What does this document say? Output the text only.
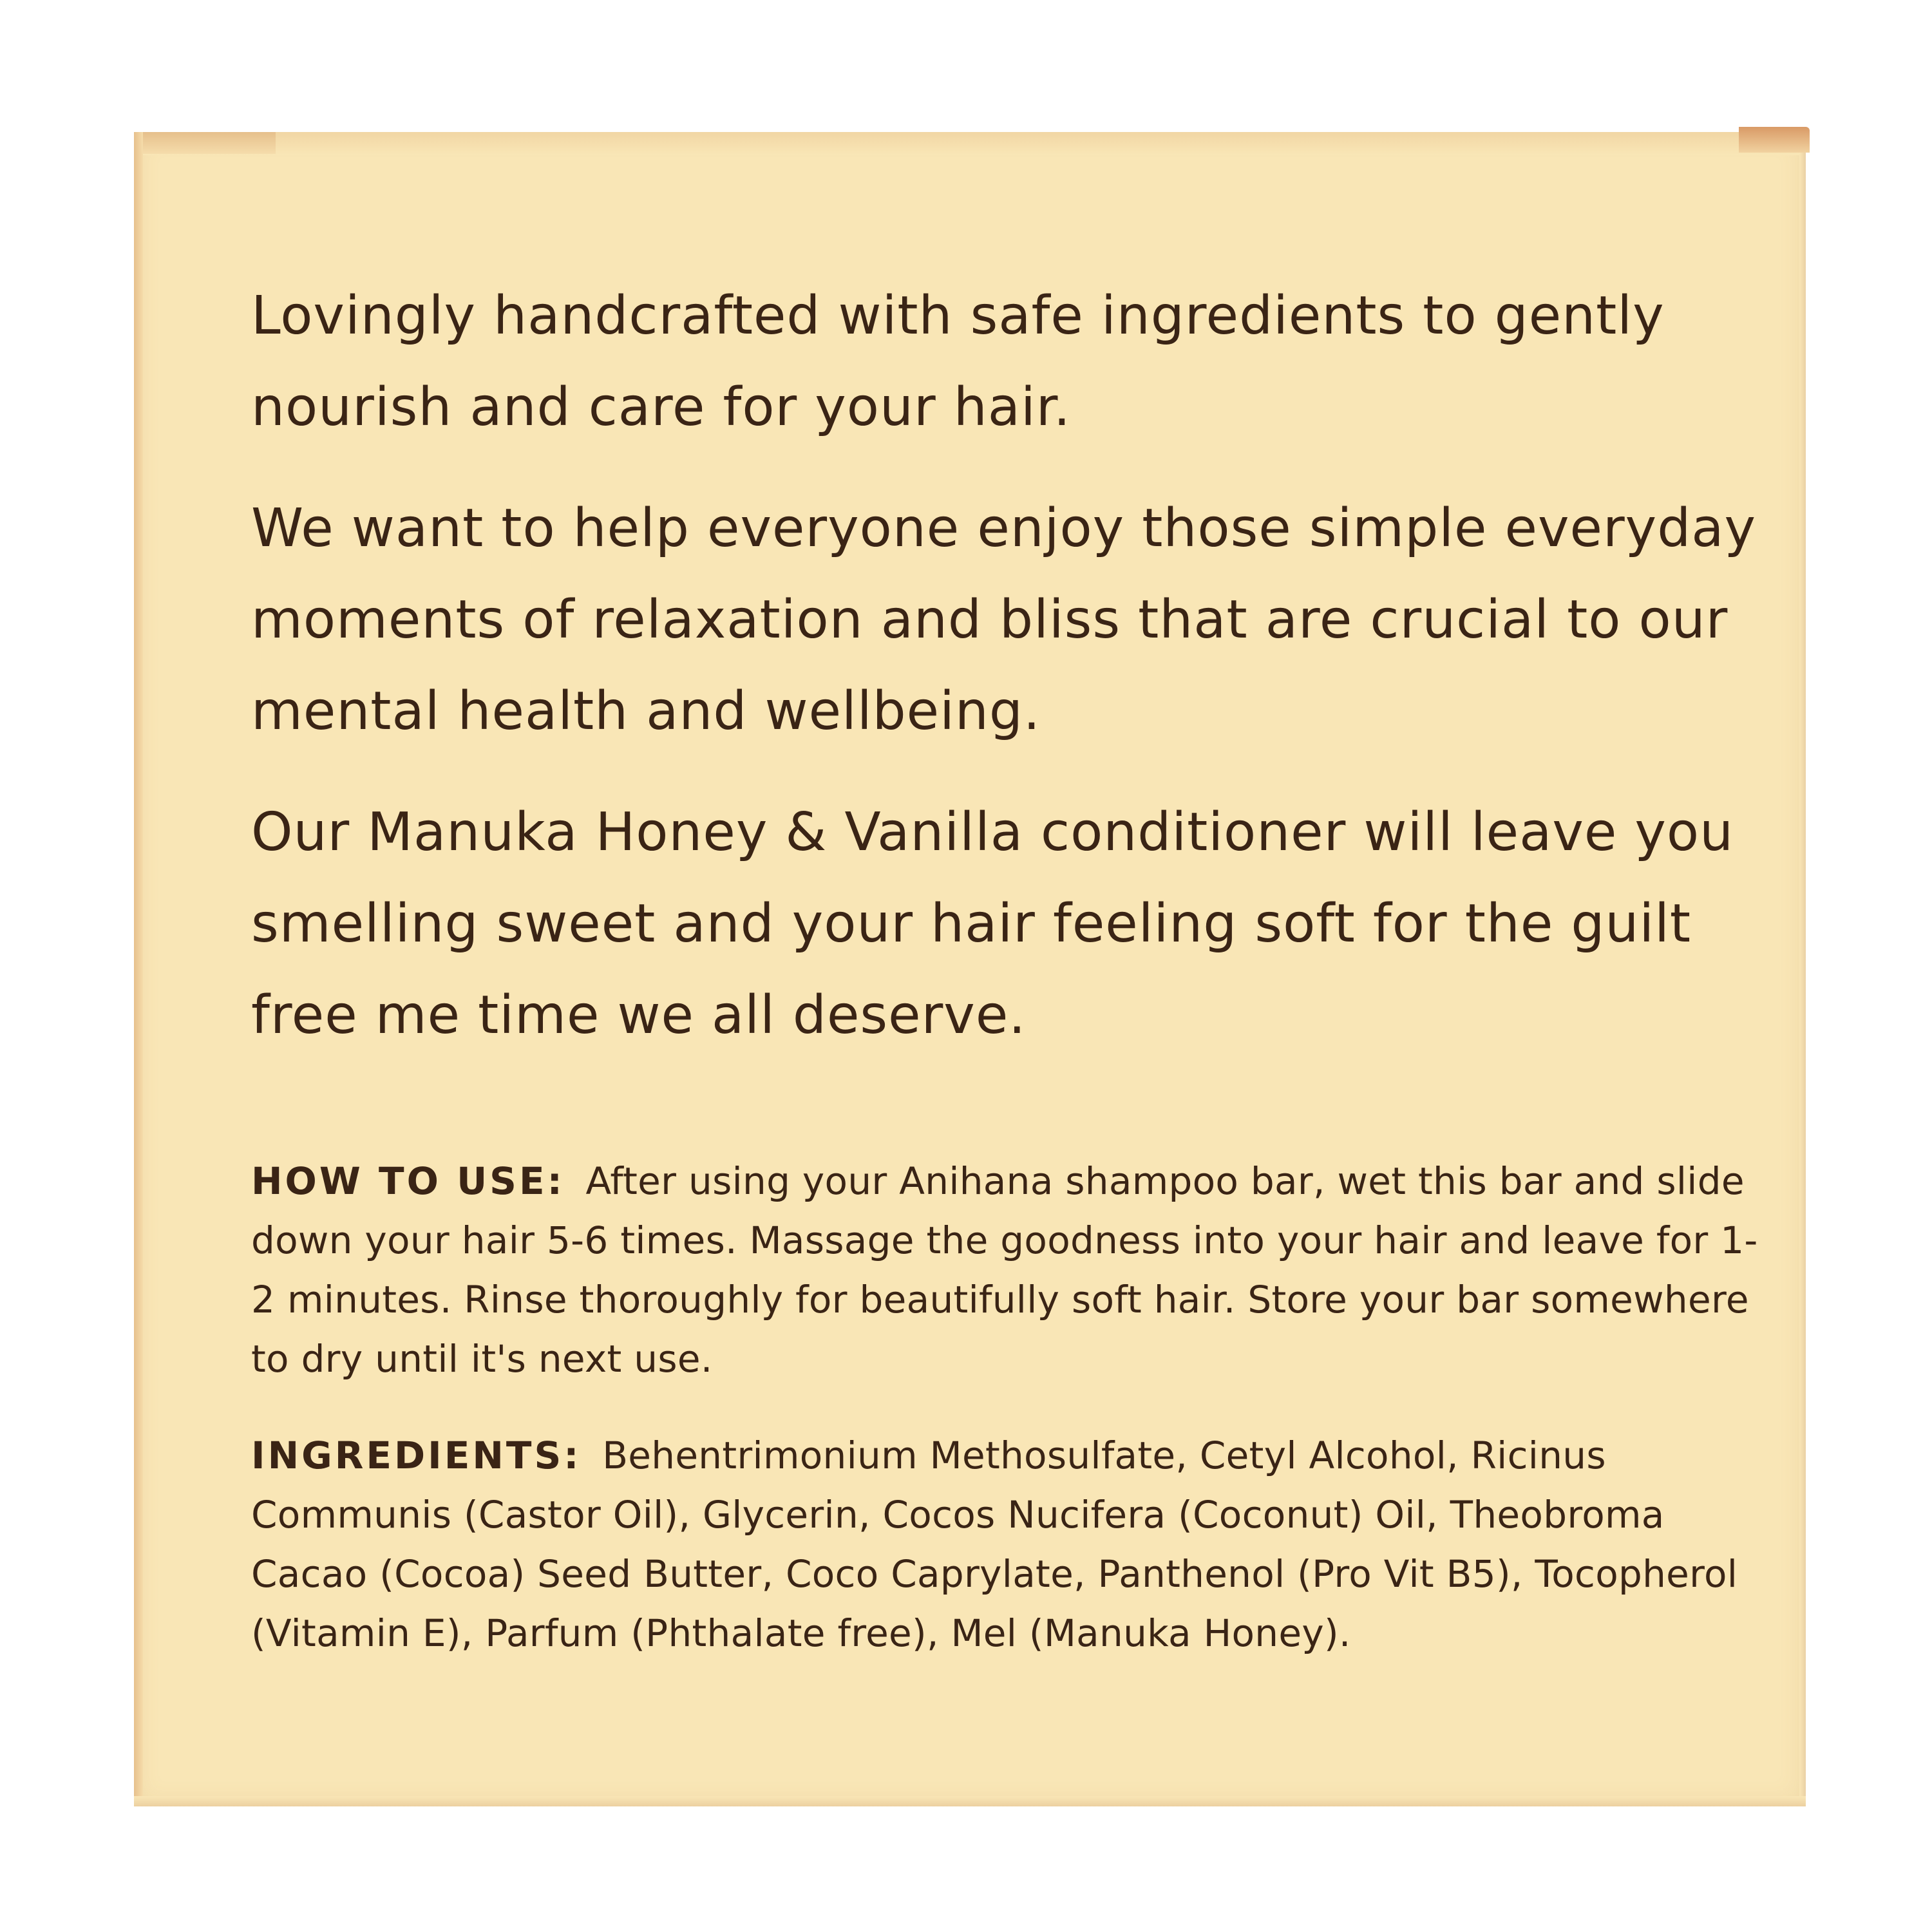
Lovingly handcrafted with safe ingredients to gently nourish and care for your hair.

We want to help everyone enjoy those simple everyday moments of relaxation and bliss that are crucial to our mental health and wellbeing.

Our Manuka Honey & Vanilla conditioner will leave you smelling sweet and your hair feeling soft for the guilt free me time we all deserve.

HOW TO USE: After using your Anihana shampoo bar, wet this bar and slide down your hair 5-6 times. Massage the goodness into your hair and leave for 1-2 minutes. Rinse thoroughly for beautifully soft hair. Store your bar somewhere to dry until it's next use.

INGREDIENTS: Behentrimonium Methosulfate, Cetyl Alcohol, Ricinus Communis (Castor Oil), Glycerin, Cocos Nucifera (Coconut) Oil, Theobroma Cacao (Cocoa) Seed Butter, Coco Caprylate, Panthenol (Pro Vit B5), Tocopherol (Vitamin E), Parfum (Phthalate free), Mel (Manuka Honey).
